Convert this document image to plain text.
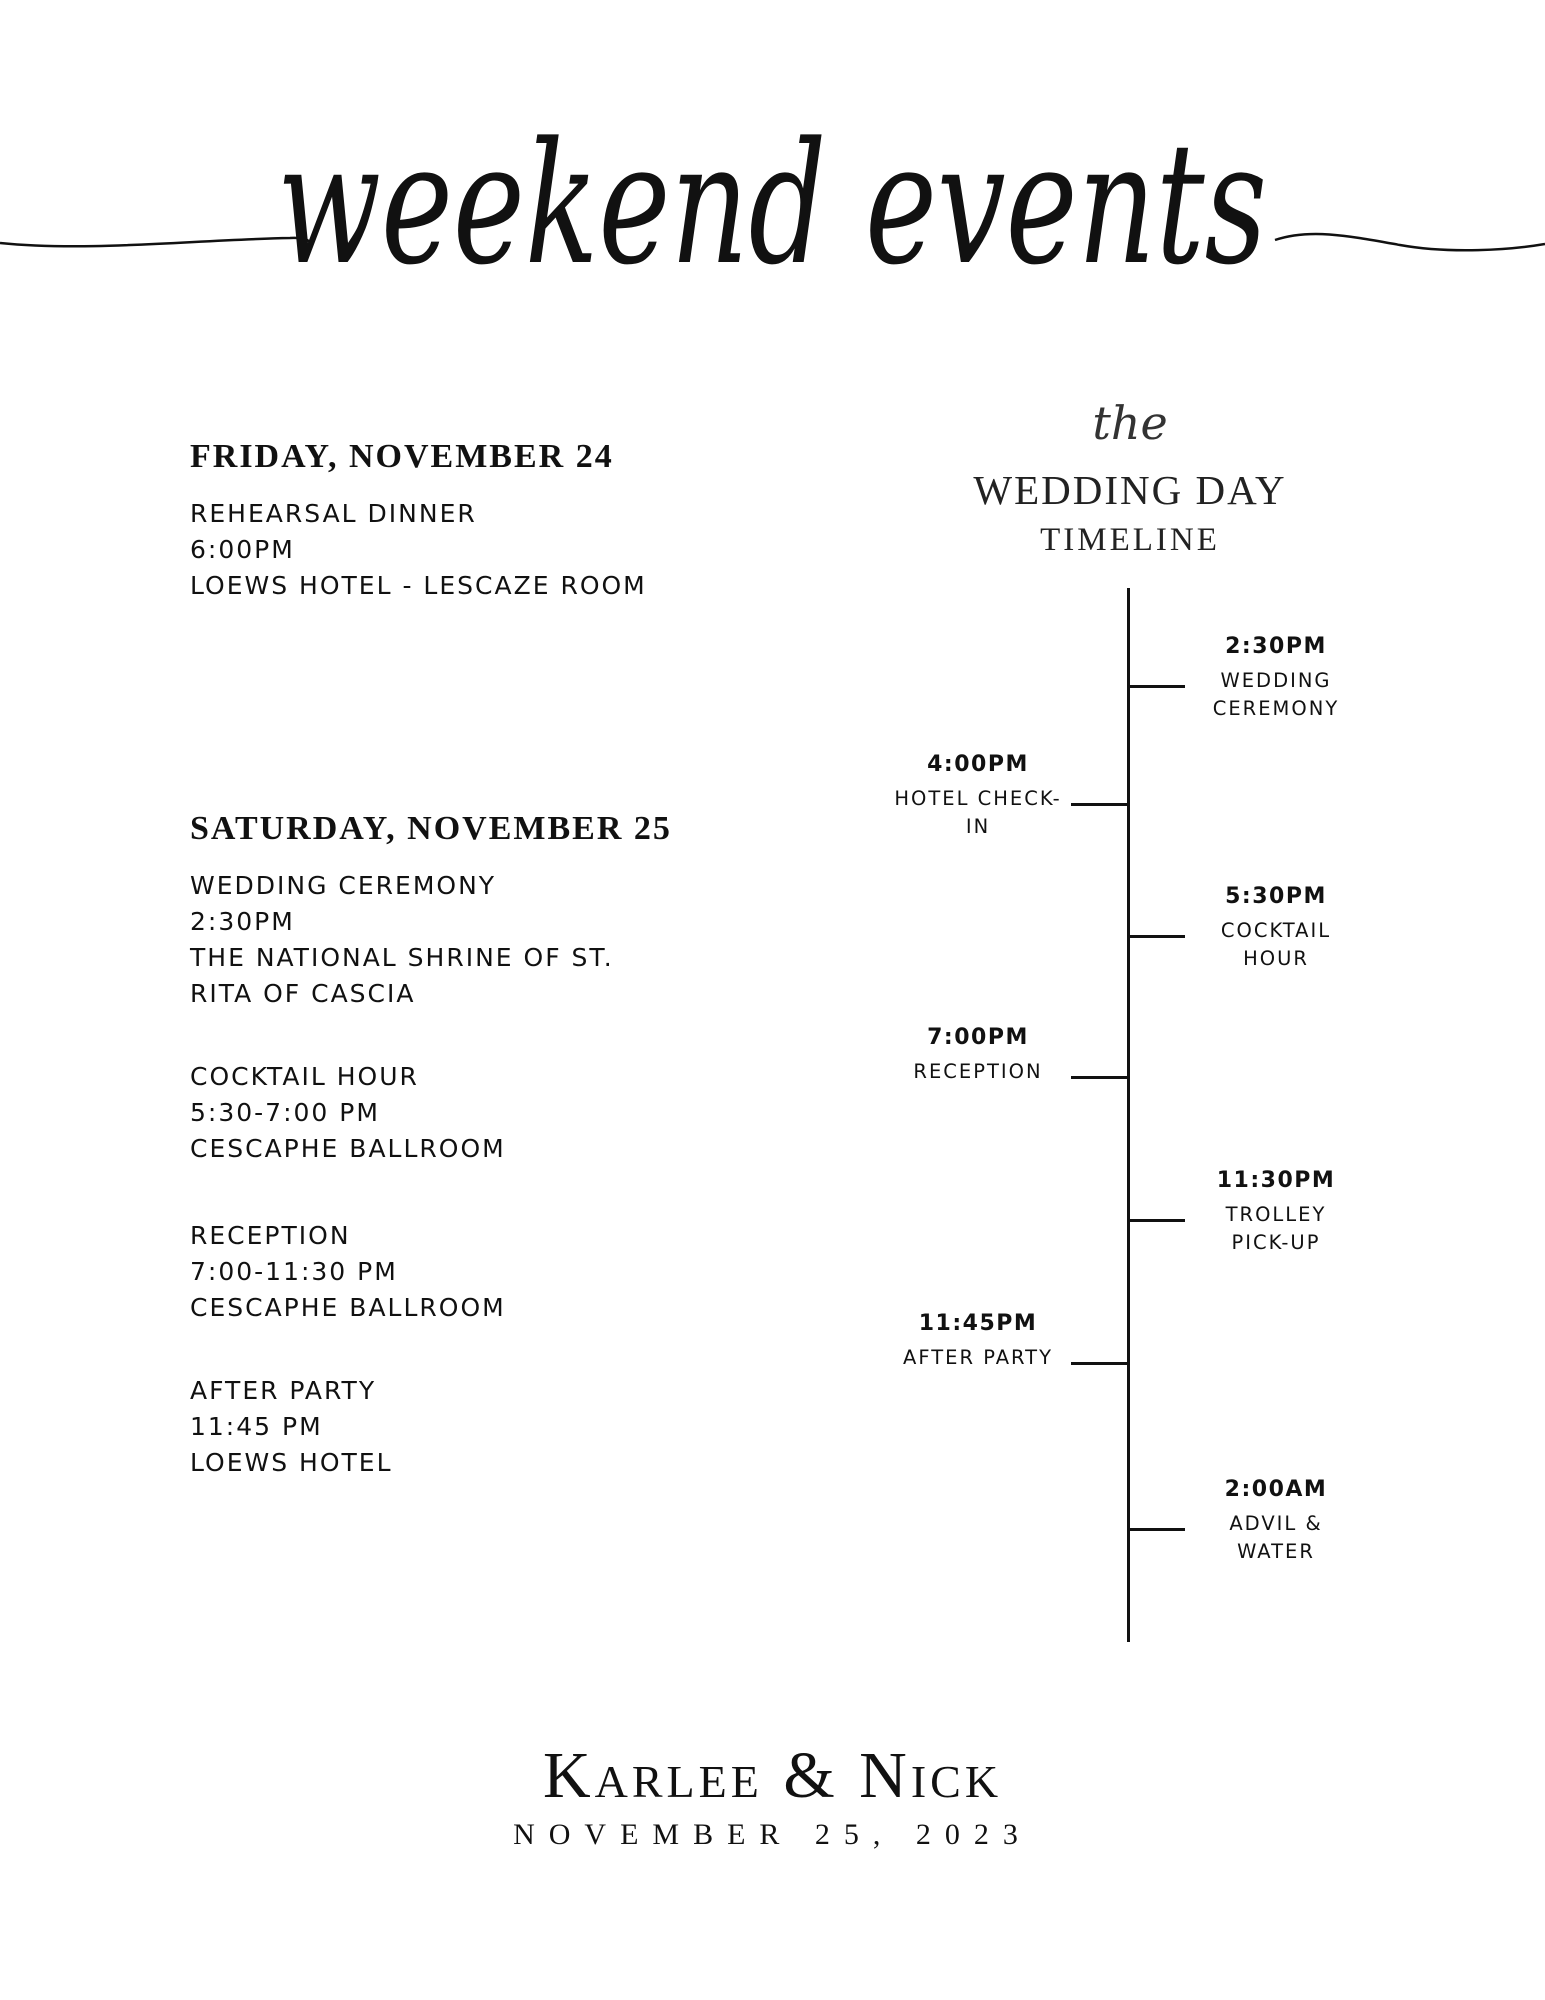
weekend events
FRIDAY, NOVEMBER 24
REHEARSAL DINNER
6:00PM
LOEWS HOTEL - LESCAZE ROOM
SATURDAY, NOVEMBER 25
WEDDING CEREMONY
2:30PM
THE NATIONAL SHRINE OF ST.
RITA OF CASCIA
COCKTAIL HOUR
5:30-7:00 PM
CESCAPHE BALLROOM
RECEPTION
7:00-11:30 PM
CESCAPHE BALLROOM
AFTER PARTY
11:45 PM
LOEWS HOTEL
the
WEDDING DAY
TIMELINE
2:30PM
WEDDING
CEREMONY
4:00PM
HOTEL CHECK-
IN
5:30PM
COCKTAIL
HOUR
7:00PM
RECEPTION
11:30PM
TROLLEY
PICK-UP
11:45PM
AFTER PARTY
2:00AM
ADVIL &
WATER
Karlee & Nick
NOVEMBER 25, 2023
